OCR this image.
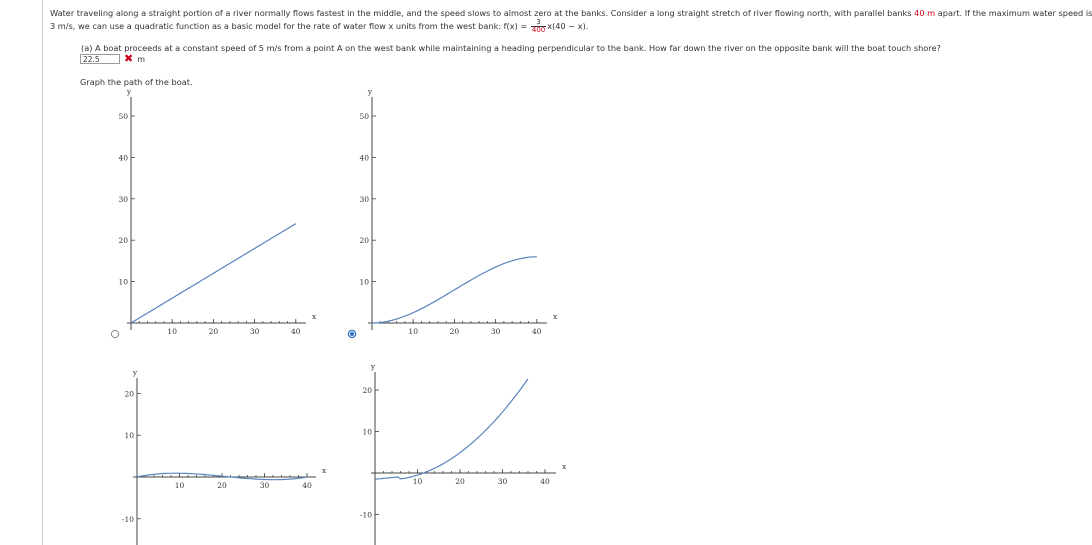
Water traveling along a straight portion of a river normally flows fastest in the middle, and the speed slows to almost zero at the banks. Consider a long straight stretch of river flowing north, with parallel banks 40 m apart. If the maximum water speed is
3 m/s, we can use a quadratic function as a basic model for the rate of water flow x units from the west bank: $f(x) = \frac{3}{400} x(40 - x)$.
(a) A boat proceeds at a constant speed of 5 m/s from a point A on the west bank while maintaining a heading perpendicular to the bank. How far down the river on the opposite bank will the boat touch shore?
22.5	✖ m
Graph the path of the boat.
10	20	30	40
10
20
30
40
50
x
y
10	20	30	40
10
20
30
40
50
x
y
10	20	30	40
-10
10
20
x
y
10	20	30	40
-10
10
20
x
y
